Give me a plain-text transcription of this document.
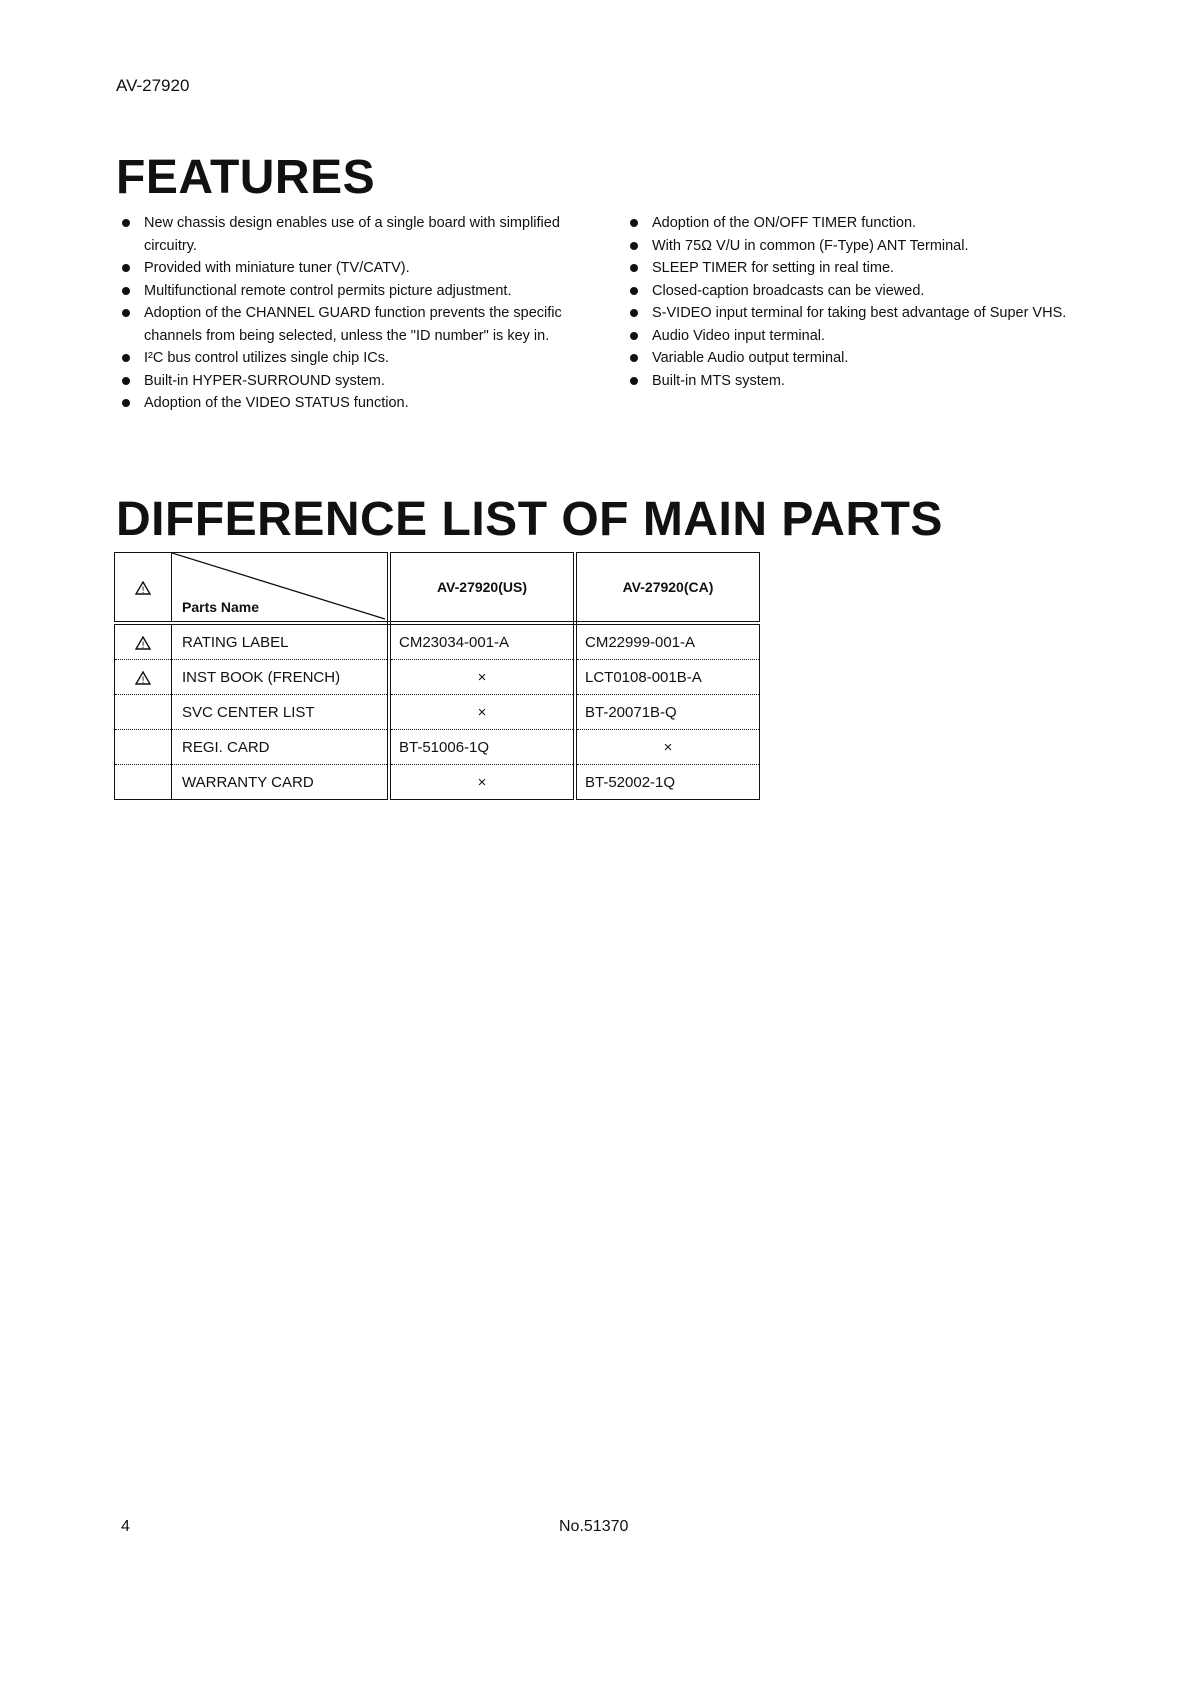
AV-27920
FEATURES
New chassis design enables use of a single board with simplified circuitry.
Provided with miniature tuner (TV/CATV).
Multifunctional remote control permits picture adjustment.
Adoption of the CHANNEL GUARD function prevents the specific channels from being selected, unless the "ID number" is key in.
I²C bus control utilizes single chip ICs.
Built-in HYPER-SURROUND system.
Adoption of the VIDEO STATUS function.
Adoption of the ON/OFF TIMER function.
With 75Ω V/U in common (F-Type) ANT Terminal.
SLEEP TIMER for setting in real time.
Closed-caption broadcasts can be viewed.
S-VIDEO input terminal for taking best advantage of Super VHS.
Audio Video input terminal.
Variable Audio output terminal.
Built-in MTS system.
DIFFERENCE LIST OF MAIN PARTS
!	Parts Name	AV-27920(US)	AV-27920(CA)

!	RATING LABEL	CM23034-001-A	CM22999-001-A

!	INST BOOK (FRENCH)	×	LCT0108-001B-A
	SVC CENTER LIST	×	BT-20071B-Q
	REGI. CARD	BT-51006-1Q	×
	WARRANTY CARD	×	BT-52002-1Q
4	No.51370
